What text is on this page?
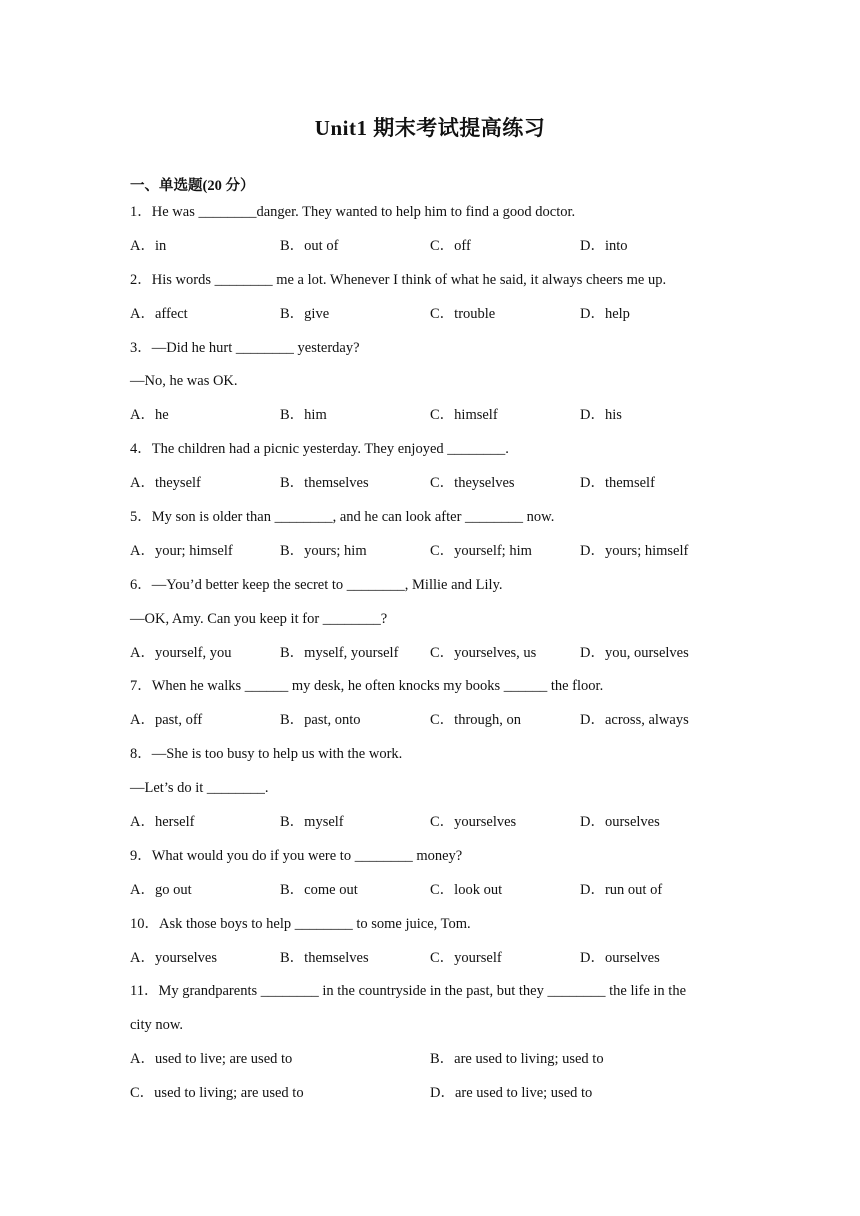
Unit1 期末考试提高练习
一、单选题(20 分）
1．He was ________danger. They wanted to help him to find a good doctor.
A．in	B．out of	C．off	D．into
2．His words ________ me a lot. Whenever I think of what he said, it always cheers me up.
A．affect	B．give	C．trouble	D．help
3．—Did he hurt ________ yesterday?
—No, he was OK.
A．he	B．him	C．himself	D．his
4．The children had a picnic yesterday. They enjoyed ________.
A．theyself	B．themselves	C．theyselves	D．themself
5．My son is older than ________, and he can look after ________ now.
A．your; himself	B．yours; him	C．yourself; him	D．yours; himself
6．—You’d better keep the secret to ________, Millie and Lily.
—OK, Amy. Can you keep it for ________?
A．yourself, you	B．myself, yourself	C．yourselves, us	D．you, ourselves
7．When he walks ______ my desk, he often knocks my books ______ the floor.
A．past, off	B．past, onto	C．through, on	D．across, always
8．—She is too busy to help us with the work.
—Let’s do it ________.
A．herself	B．myself	C．yourselves	D．ourselves
9．What would you do if you were to ________ money?
A．go out	B．come out	C．look out	D．run out of
10．Ask those boys to help ________ to some juice, Tom.
A．yourselves	B．themselves	C．yourself	D．ourselves
11．My grandparents ________ in the countryside in the past, but they ________ the life in the
city now.
A．used to live; are used to	B．are used to living; used to
C．used to living; are used to	D．are used to live; used to
